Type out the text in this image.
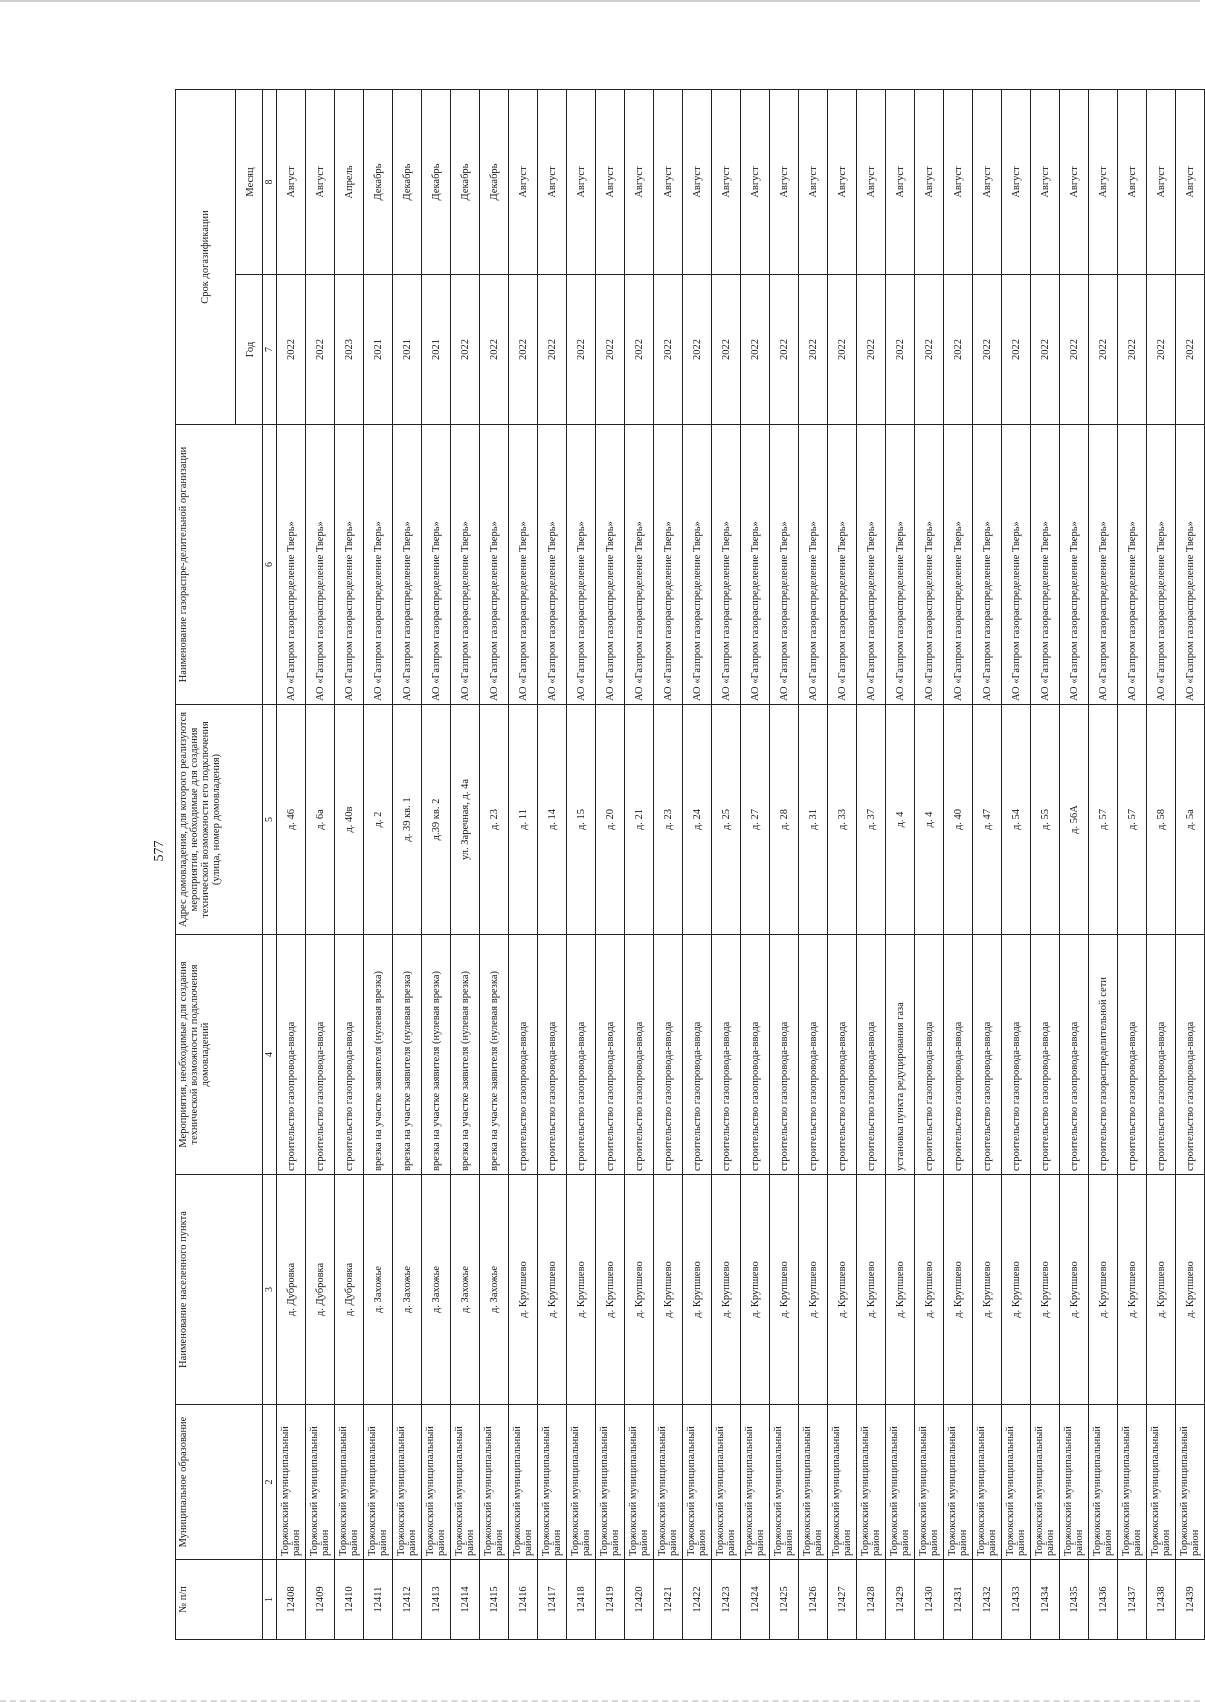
577
№ п/п	Муниципальное образование	Наименование населенного пункта	Мероприятия, необходимые для создания технической возможности подключения домовладений	Адрес домовладения, для которого реализуются мероприятия, необходимые для создания технической возможности его подключения (улица, номер домовладения)	Наименование газораспре-делительной организации	Срок догазификации	
						Год	Месяц
1	2	3	4	5	6	7	8
12408	Торжокский муниципальный район	д. Дубровка	строительство газопровода-ввода	д. 46	АО «Газпром газораспределение Тверь»	2022	Август
12409	Торжокский муниципальный район	д. Дубровка	строительство газопровода-ввода	д. 6а	АО «Газпром газораспределение Тверь»	2022	Август
12410	Торжокский муниципальный район	д. Дубровка	строительство газопровода-ввода	д. 40в	АО «Газпром газораспределение Тверь»	2023	Апрель
12411	Торжокский муниципальный район	д. Захожье	врезка на участке заявителя (нулевая врезка)	д. 2	АО «Газпром газораспределение Тверь»	2021	Декабрь
12412	Торжокский муниципальный район	д. Захожье	врезка на участке заявителя (нулевая врезка)	д. 39 кв. 1	АО «Газпром газораспределение Тверь»	2021	Декабрь
12413	Торжокский муниципальный район	д. Захожье	врезка на участке заявителя (нулевая врезка)	д.39 кв. 2	АО «Газпром газораспределение Тверь»	2021	Декабрь
12414	Торжокский муниципальный район	д. Захожье	врезка на участке заявителя (нулевая врезка)	ул. Заречная, д. 4а	АО «Газпром газораспределение Тверь»	2022	Декабрь
12415	Торжокский муниципальный район	д. Захожье	врезка на участке заявителя (нулевая врезка)	д. 23	АО «Газпром газораспределение Тверь»	2022	Декабрь
12416	Торжокский муниципальный район	д. Крупшево	строительство газопровода-ввода	д. 11	АО «Газпром газораспределение Тверь»	2022	Август
12417	Торжокский муниципальный район	д. Крупшево	строительство газопровода-ввода	д. 14	АО «Газпром газораспределение Тверь»	2022	Август
12418	Торжокский муниципальный район	д. Крупшево	строительство газопровода-ввода	д. 15	АО «Газпром газораспределение Тверь»	2022	Август
12419	Торжокский муниципальный район	д. Крупшево	строительство газопровода-ввода	д. 20	АО «Газпром газораспределение Тверь»	2022	Август
12420	Торжокский муниципальный район	д. Крупшево	строительство газопровода-ввода	д. 21	АО «Газпром газораспределение Тверь»	2022	Август
12421	Торжокский муниципальный район	д. Крупшево	строительство газопровода-ввода	д. 23	АО «Газпром газораспределение Тверь»	2022	Август
12422	Торжокский муниципальный район	д. Крупшево	строительство газопровода-ввода	д. 24	АО «Газпром газораспределение Тверь»	2022	Август
12423	Торжокский муниципальный район	д. Крупшево	строительство газопровода-ввода	д. 25	АО «Газпром газораспределение Тверь»	2022	Август
12424	Торжокский муниципальный район	д. Крупшево	строительство газопровода-ввода	д. 27	АО «Газпром газораспределение Тверь»	2022	Август
12425	Торжокский муниципальный район	д. Крупшево	строительство газопровода-ввода	д. 28	АО «Газпром газораспределение Тверь»	2022	Август
12426	Торжокский муниципальный район	д. Крупшево	строительство газопровода-ввода	д. 31	АО «Газпром газораспределение Тверь»	2022	Август
12427	Торжокский муниципальный район	д. Крупшево	строительство газопровода-ввода	д. 33	АО «Газпром газораспределение Тверь»	2022	Август
12428	Торжокский муниципальный район	д. Крупшево	строительство газопровода-ввода	д. 37	АО «Газпром газораспределение Тверь»	2022	Август
12429	Торжокский муниципальный район	д. Крупшево	установка пункта редуцирования газа	д. 4	АО «Газпром газораспределение Тверь»	2022	Август
12430	Торжокский муниципальный район	д. Крупшево	строительство газопровода-ввода	д. 4	АО «Газпром газораспределение Тверь»	2022	Август
12431	Торжокский муниципальный район	д. Крупшево	строительство газопровода-ввода	д. 40	АО «Газпром газораспределение Тверь»	2022	Август
12432	Торжокский муниципальный район	д. Крупшево	строительство газопровода-ввода	д. 47	АО «Газпром газораспределение Тверь»	2022	Август
12433	Торжокский муниципальный район	д. Крупшево	строительство газопровода-ввода	д. 54	АО «Газпром газораспределение Тверь»	2022	Август
12434	Торжокский муниципальный район	д. Крупшево	строительство газопровода-ввода	д. 55	АО «Газпром газораспределение Тверь»	2022	Август
12435	Торжокский муниципальный район	д. Крупшево	строительство газопровода-ввода	д. 56А	АО «Газпром газораспределение Тверь»	2022	Август
12436	Торжокский муниципальный район	д. Крупшево	строительство газораспределительной сети	д. 57	АО «Газпром газораспределение Тверь»	2022	Август
12437	Торжокский муниципальный район	д. Крупшево	строительство газопровода-ввода	д. 57	АО «Газпром газораспределение Тверь»	2022	Август
12438	Торжокский муниципальный район	д. Крупшево	строительство газопровода-ввода	д. 58	АО «Газпром газораспределение Тверь»	2022	Август
12439	Торжокский муниципальный район	д. Крупшево	строительство газопровода-ввода	д. 5а	АО «Газпром газораспределение Тверь»	2022	Август
